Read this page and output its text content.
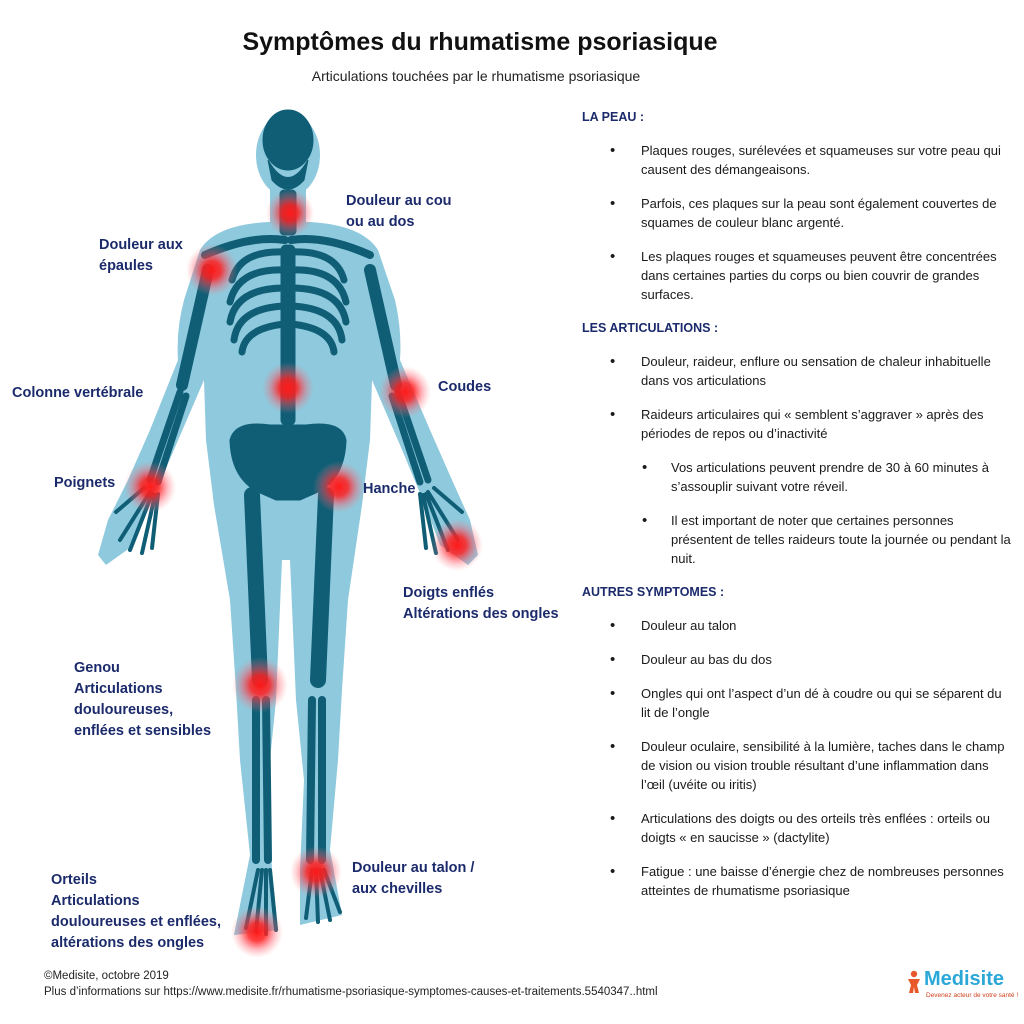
Symptômes du rhumatisme psoriasique
Articulations touchées par le rhumatisme psoriasique
Douleur au cou
ou au dos
Douleur aux
épaules
Colonne vertébrale	Coudes
Poignets	Hanche
Doigts enflés
Altérations des ongles
Genou
Articulations
douloureuses,
enflées et sensibles
Douleur au talon /
aux chevilles
Orteils
Articulations
douloureuses et enflées,
altérations des ongles
LA PEAU :
• Plaques rouges, surélevées et squameuses sur votre peau qui causent des démangeaisons.
• Parfois, ces plaques sur la peau sont également couvertes de squames de couleur blanc argenté.
• Les plaques rouges et squameuses peuvent être concentrées dans certaines parties du corps ou bien couvrir de grandes surfaces.
LES ARTICULATIONS :
• Douleur, raideur, enflure ou sensation de chaleur inhabituelle dans vos articulations
• Raideurs articulaires qui « semblent s’aggraver » après des périodes de repos ou d’inactivité
• Vos articulations peuvent prendre de 30 à 60 minutes à s’assouplir suivant votre réveil.
• Il est important de noter que certaines personnes présentent de telles raideurs toute la journée ou pendant la nuit.
AUTRES SYMPTOMES :
• Douleur au talon
• Douleur au bas du dos
• Ongles qui ont l’aspect d’un dé à coudre ou qui se séparent du lit de l’ongle
• Douleur oculaire, sensibilité à la lumière, taches dans le champ de vision ou vision trouble résultant d’une inflammation dans l’œil (uvéite ou iritis)
• Articulations des doigts ou des orteils très enflées : orteils ou doigts « en saucisse » (dactylite)
• Fatigue : une baisse d’énergie chez de nombreuses personnes atteintes de rhumatisme psoriasique
©Medisite, octobre 2019
Plus d’informations sur https://www.medisite.fr/rhumatisme-psoriasique-symptomes-causes-et-traitements.5540347..html
Medisite
Devenez acteur de votre santé !
